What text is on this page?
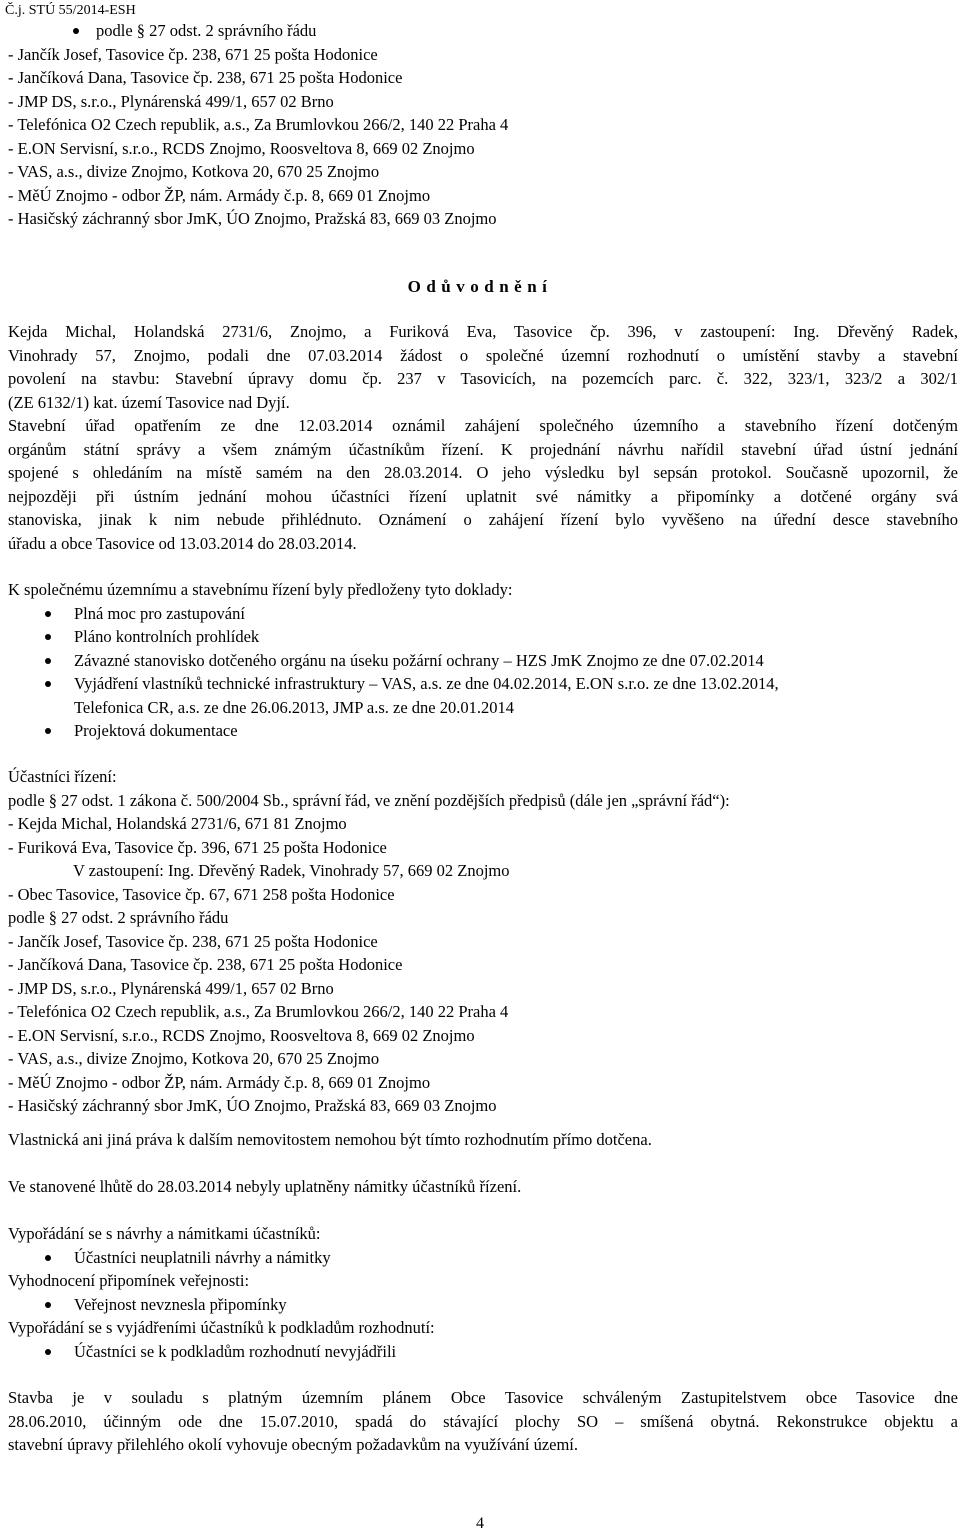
Č.j. STÚ 55/2014-ESH
podle § 27 odst. 2 správního řádu
- Jančík Josef, Tasovice čp. 238, 671 25 pošta Hodonice
- Jančíková Dana, Tasovice čp. 238, 671 25 pošta Hodonice
- JMP DS, s.r.o., Plynárenská 499/1, 657 02 Brno
- Telefónica O2 Czech republik, a.s., Za Brumlovkou 266/2, 140 22 Praha 4
- E.ON Servisní, s.r.o., RCDS Znojmo, Roosveltova 8, 669 02 Znojmo
- VAS, a.s., divize Znojmo, Kotkova 20, 670 25 Znojmo
- MěÚ Znojmo - odbor ŽP, nám. Armády č.p. 8, 669 01 Znojmo
- Hasičský záchranný sbor JmK, ÚO Znojmo, Pražská 83, 669 03 Znojmo
Odůvodnění
Kejda Michal, Holandská 2731/6, Znojmo, a Furiková Eva, Tasovice čp. 396, v zastoupení: Ing. Dřevěný Radek,
Vinohrady 57, Znojmo, podali dne 07.03.2014 žádost o společné územní rozhodnutí o umístění stavby a stavební
povolení na stavbu: Stavební úpravy domu čp. 237 v Tasovicích, na pozemcích parc. č. 322, 323/1, 323/2 a 302/1
(ZE 6132/1) kat. území Tasovice nad Dyjí.
Stavební úřad opatřením ze dne 12.03.2014 oznámil zahájení společného územního a stavebního řízení dotčeným
orgánům státní správy a všem známým účastníkům řízení. K projednání návrhu nařídil stavební úřad ústní jednání
spojené s ohledáním na místě samém na den 28.03.2014. O jeho výsledku byl sepsán protokol. Současně upozornil, že
nejpozději při ústním jednání mohou účastníci řízení uplatnit své námitky a připomínky a dotčené orgány svá
stanoviska, jinak k nim nebude přihlédnuto. Oznámení o zahájení řízení bylo vyvěšeno na úřední desce stavebního
úřadu a obce Tasovice od 13.03.2014 do 28.03.2014.
K společnému územnímu a stavebnímu řízení byly předloženy tyto doklady:
Plná moc pro zastupování
Pláno kontrolních prohlídek
Závazné stanovisko dotčeného orgánu na úseku požární ochrany – HZS JmK Znojmo ze dne 07.02.2014
Vyjádření vlastníků technické infrastruktury – VAS, a.s. ze dne 04.02.2014, E.ON s.r.o. ze dne 13.02.2014,
Telefonica CR, a.s. ze dne 26.06.2013, JMP a.s. ze dne 20.01.2014
Projektová dokumentace
Účastníci řízení:
podle § 27 odst. 1 zákona č. 500/2004 Sb., správní řád, ve znění pozdějších předpisů (dále jen „správní řád“):
- Kejda Michal, Holandská 2731/6, 671 81 Znojmo
- Furiková Eva, Tasovice čp. 396, 671 25 pošta Hodonice
V zastoupení: Ing. Dřevěný Radek, Vinohrady 57, 669 02 Znojmo
- Obec Tasovice, Tasovice čp. 67, 671 258 pošta Hodonice
podle § 27 odst. 2 správního řádu
- Jančík Josef, Tasovice čp. 238, 671 25 pošta Hodonice
- Jančíková Dana, Tasovice čp. 238, 671 25 pošta Hodonice
- JMP DS, s.r.o., Plynárenská 499/1, 657 02 Brno
- Telefónica O2 Czech republik, a.s., Za Brumlovkou 266/2, 140 22 Praha 4
- E.ON Servisní, s.r.o., RCDS Znojmo, Roosveltova 8, 669 02 Znojmo
- VAS, a.s., divize Znojmo, Kotkova 20, 670 25 Znojmo
- MěÚ Znojmo - odbor ŽP, nám. Armády č.p. 8, 669 01 Znojmo
- Hasičský záchranný sbor JmK, ÚO Znojmo, Pražská 83, 669 03 Znojmo
Vlastnická ani jiná práva k dalším nemovitostem nemohou být tímto rozhodnutím přímo dotčena.
Ve stanovené lhůtě do 28.03.2014 nebyly uplatněny námitky účastníků řízení.
Vypořádání se s návrhy a námitkami účastníků:
Účastníci neuplatnili návrhy a námitky
Vyhodnocení připomínek veřejnosti:
Veřejnost nevznesla připomínky
Vypořádání se s vyjádřeními účastníků k podkladům rozhodnutí:
Účastníci se k podkladům rozhodnutí nevyjádřili
Stavba je v souladu s platným územním plánem Obce Tasovice schváleným Zastupitelstvem obce Tasovice dne
28.06.2010, účinným ode dne 15.07.2010, spadá do stávající plochy SO – smíšená obytná. Rekonstrukce objektu a
stavební úpravy přilehlého okolí vyhovuje obecným požadavkům na využívání území.
4
